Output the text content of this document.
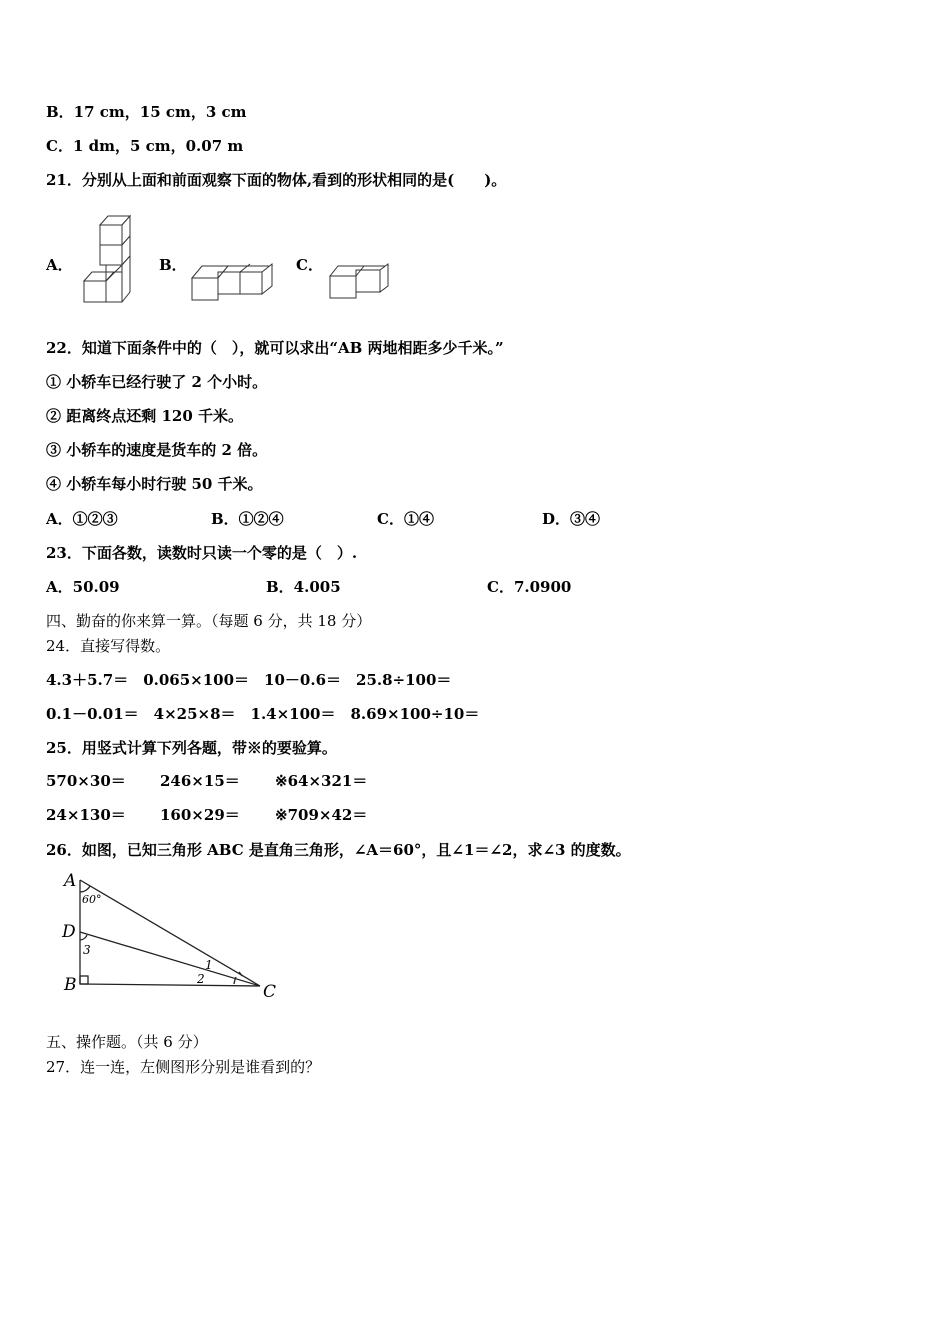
B．17 cm，15 cm，3 cm
C．1 dm，5 cm，0.07 m
21．分别从上面和前面观察下面的物体,看到的形状相同的是(　　)。
A．	B．	C．
22．知道下面条件中的（　），就可以求出“AB 两地相距多少千米。”
① 小轿车已经行驶了 2 个小时。
② 距离终点还剩 120 千米。
③ 小轿车的速度是货车的 2 倍。
④ 小轿车每小时行驶 50 千米。
A．①②③	B．①②④	C．①④	D．③④
23．下面各数，读数时只读一个零的是（　）.
A．50.09	B．4.005	C．7.0900
四、勤奋的你来算一算。（每题 6 分，共 18 分）
24．直接写得数。
4.3＋5.7＝　0.065×100＝　10－0.6＝　25.8÷100＝
0.1－0.01＝　4×25×8＝　1.4×100＝　8.69×100÷10＝
25．用竖式计算下列各题，带※的要验算。
570×30＝ 246×15＝ ※64×321＝
24×130＝ 160×29＝ ※709×42＝
26．如图，已知三角形 ABC 是直角三角形，∠A＝60°，且∠1＝∠2，求∠3 的度数。
A
60°
D
3
B	2
1
C
五、操作题。（共 6 分）
27．连一连，左侧图形分别是谁看到的？
